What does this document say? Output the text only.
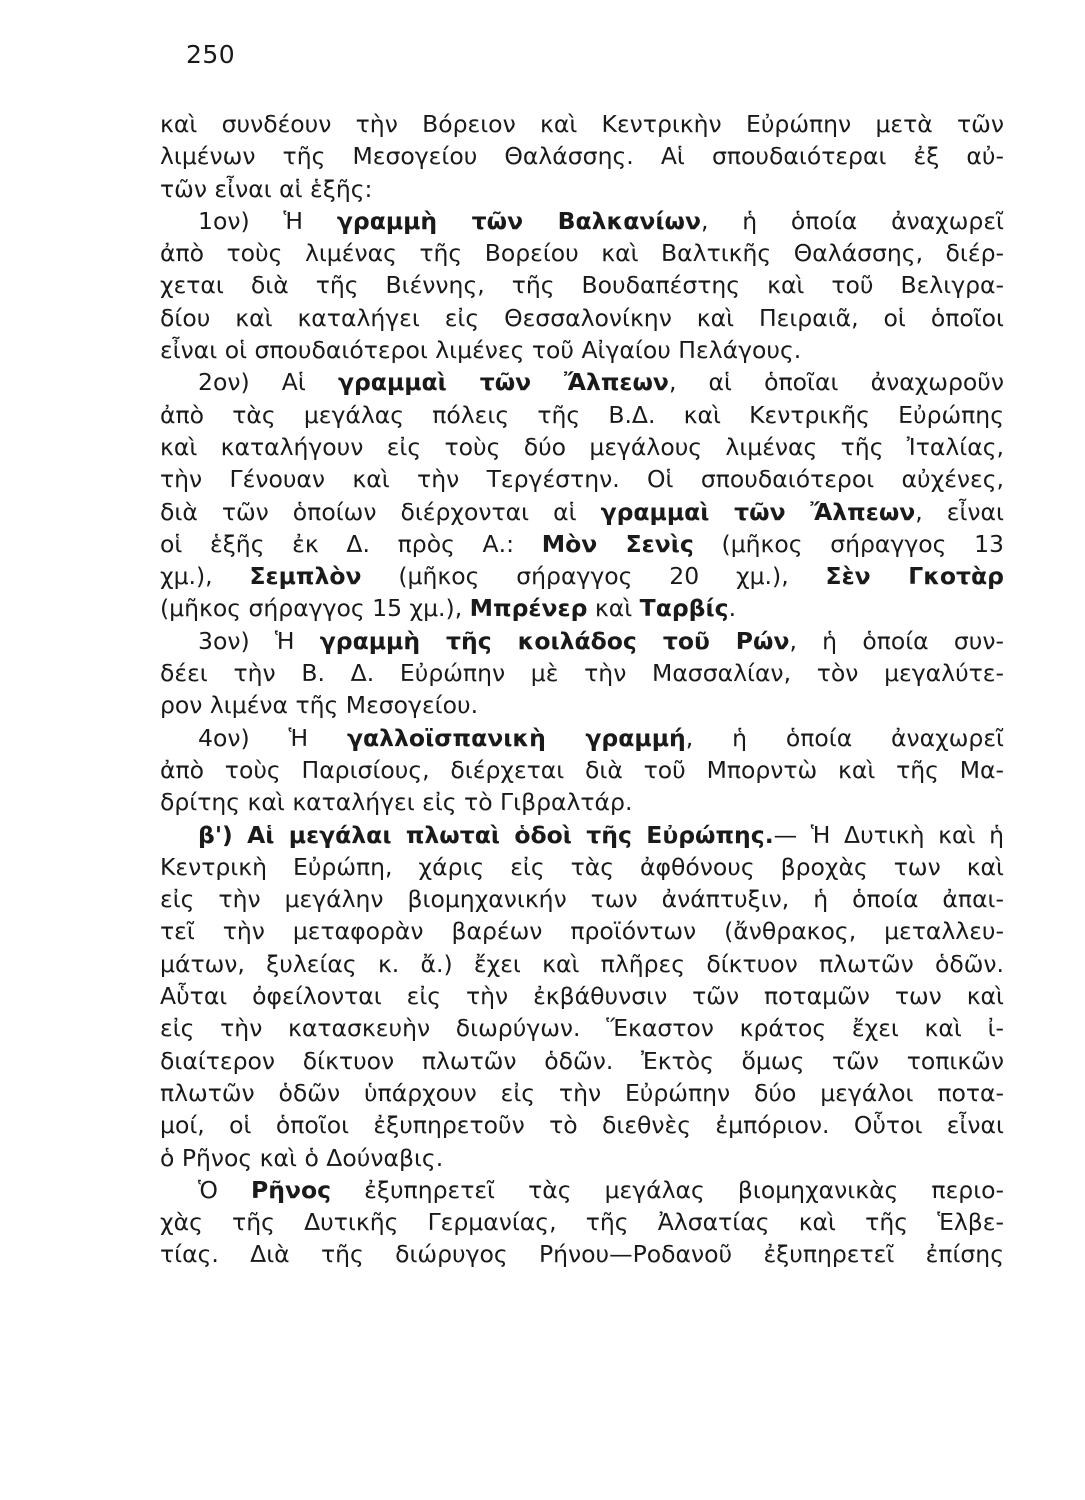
250
καὶ συνδέουν τὴν Βόρειον καὶ Κεντρικὴν Εὐρώπην μετὰ τῶν
λιμένων τῆς Μεσογείου Θαλάσσης. Αἱ σπουδαιότεραι ἐξ αὐ-
τῶν εἶναι αἱ ἑξῆς:
1ον) Ἡ γραμμὴ τῶν Βαλκανίων, ἡ ὁποία ἀναχωρεῖ
ἀπὸ τοὺς λιμένας τῆς Βορείου καὶ Βαλτικῆς Θαλάσσης, διέρ-
χεται διὰ τῆς Βιέννης, τῆς Βουδαπέστης καὶ τοῦ Βελιγρα-
δίου καὶ καταλήγει εἰς Θεσσαλονίκην καὶ Πειραιᾶ, οἱ ὁποῖοι
εἶναι οἱ σπουδαιότεροι λιμένες τοῦ Αἰγαίου Πελάγους.
2ον) Αἱ γραμμαὶ τῶν Ἄλπεων, αἱ ὁποῖαι ἀναχωροῦν
ἀπὸ τὰς μεγάλας πόλεις τῆς Β.Δ. καὶ Κεντρικῆς Εὐρώπης
καὶ καταλήγουν εἰς τοὺς δύο μεγάλους λιμένας τῆς Ἰταλίας,
τὴν Γένουαν καὶ τὴν Τεργέστην. Οἱ σπουδαιότεροι αὐχένες,
διὰ τῶν ὁποίων διέρχονται αἱ γραμμαὶ τῶν Ἄλπεων, εἶναι
οἱ ἑξῆς ἐκ Δ. πρὸς Α.: Μὸν Σενὶς (μῆκος σήραγγος 13
χμ.), Σεμπλὸν (μῆκος σήραγγος 20 χμ.), Σὲν Γκοτὰρ
(μῆκος σήραγγος 15 χμ.), Μπρένερ καὶ Ταρβίς.
3ον) Ἡ γραμμὴ τῆς κοιλάδος τοῦ Ρών, ἡ ὁποία συν-
δέει τὴν Β. Δ. Εὐρώπην μὲ τὴν Μασσαλίαν, τὸν μεγαλύτε-
ρον λιμένα τῆς Μεσογείου.
4ον) Ἡ γαλλοϊσπανικὴ γραμμή, ἡ ὁποία ἀναχωρεῖ
ἀπὸ τοὺς Παρισίους, διέρχεται διὰ τοῦ Μπορντὼ καὶ τῆς Μα-
δρίτης καὶ καταλήγει εἰς τὸ Γιβραλτάρ.
β') Αἱ μεγάλαι πλωταὶ ὁδοὶ τῆς Εὐρώπης.— Ἡ Δυτικὴ καὶ ἡ
Κεντρικὴ Εὐρώπη, χάρις εἰς τὰς ἀφθόνους βροχὰς των καὶ
εἰς τὴν μεγάλην βιομηχανικήν των ἀνάπτυξιν, ἡ ὁποία ἀπαι-
τεῖ τὴν μεταφορὰν βαρέων προϊόντων (ἄνθρακος, μεταλλευ-
μάτων, ξυλείας κ. ἄ.) ἔχει καὶ πλῆρες δίκτυον πλωτῶν ὁδῶν.
Αὗται ὀφείλονται εἰς τὴν ἐκβάθυνσιν τῶν ποταμῶν των καὶ
εἰς τὴν κατασκευὴν διωρύγων. Ἕκαστον κράτος ἔχει καὶ ἰ-
διαίτερον δίκτυον πλωτῶν ὁδῶν. Ἐκτὸς ὅμως τῶν τοπικῶν
πλωτῶν ὁδῶν ὑπάρχουν εἰς τὴν Εὐρώπην δύο μεγάλοι ποτα-
μοί, οἱ ὁποῖοι ἐξυπηρετοῦν τὸ διεθνὲς ἐμπόριον. Οὗτοι εἶναι
ὁ Ρῆνος καὶ ὁ Δούναβις.
Ὁ Ρῆνος ἐξυπηρετεῖ τὰς μεγάλας βιομηχανικὰς περιο-
χὰς τῆς Δυτικῆς Γερμανίας, τῆς Ἀλσατίας καὶ τῆς Ἑλβε-
τίας. Διὰ τῆς διώρυγος Ρήνου—Ροδανοῦ ἐξυπηρετεῖ ἐπίσης
